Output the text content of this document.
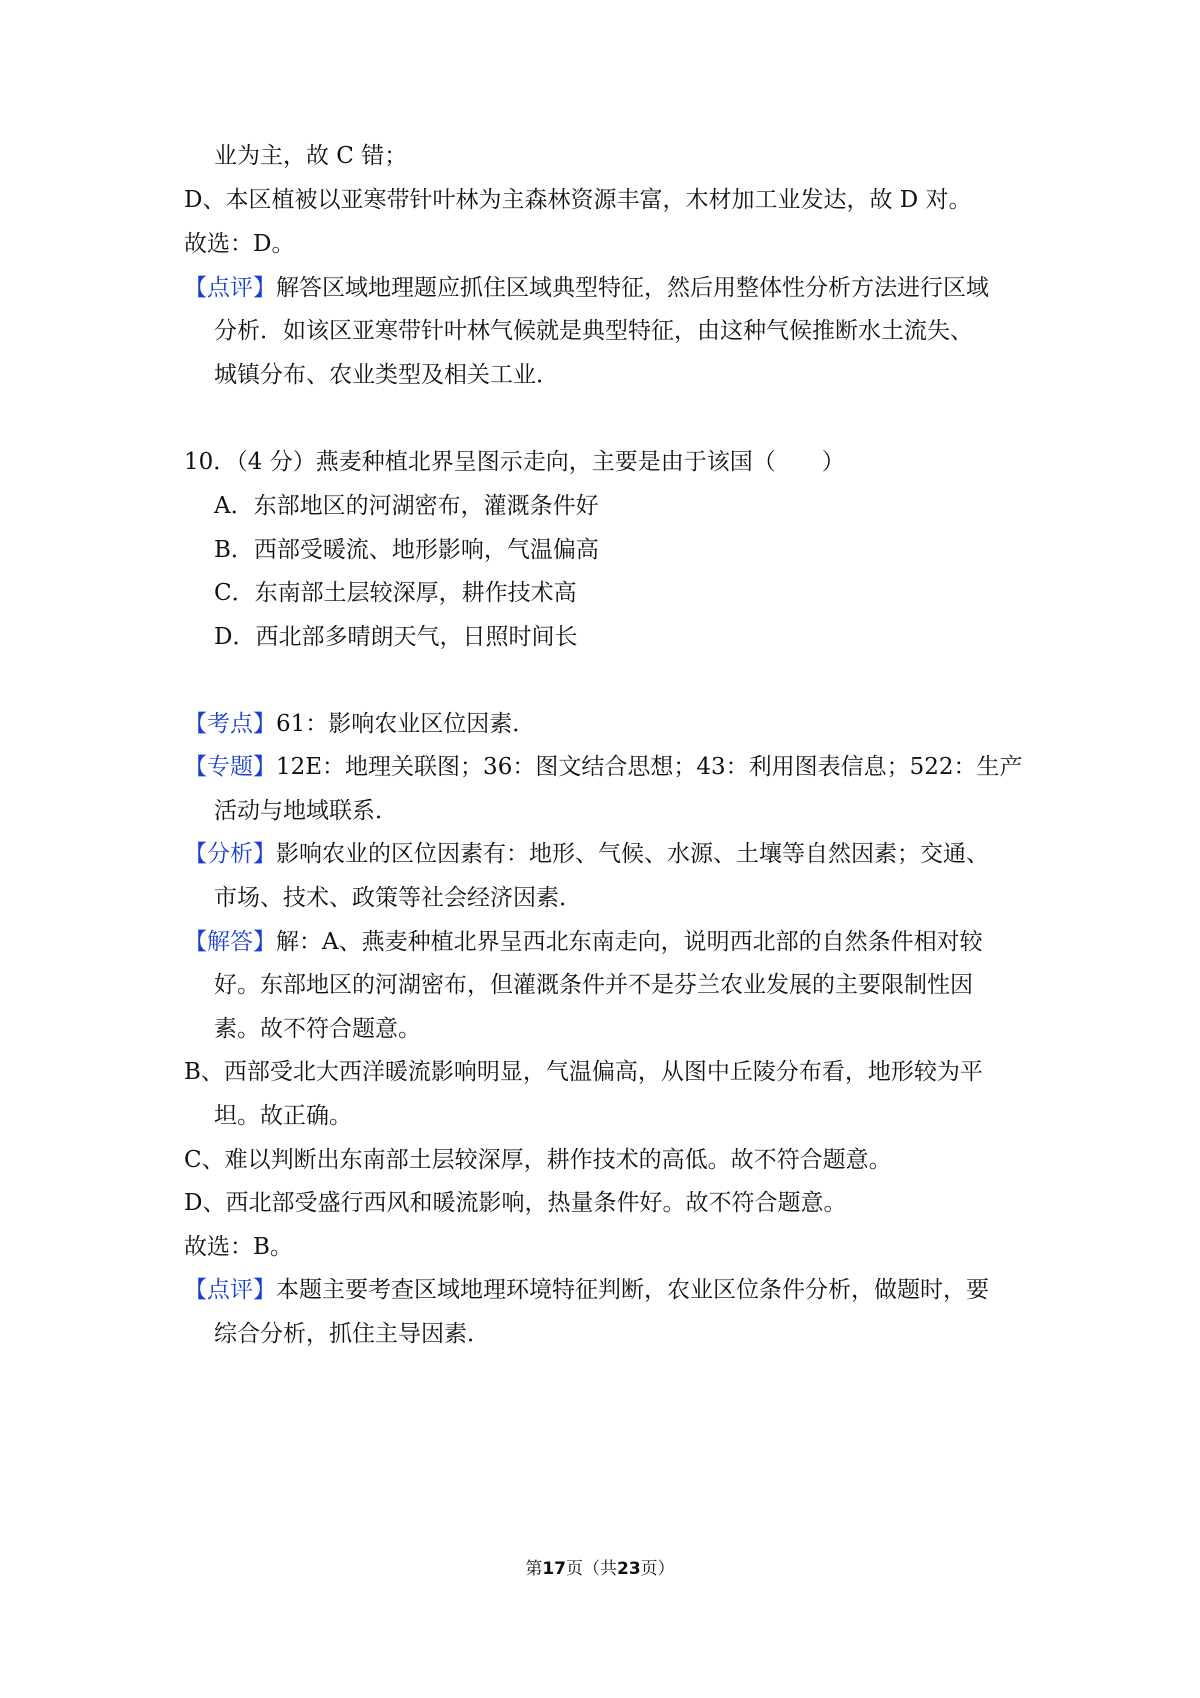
业为主，故 C 错；

D、本区植被以亚寒带针叶林为主森林资源丰富，木材加工业发达，故 D 对。

故选：D。

【点评】解答区域地理题应抓住区域典型特征，然后用整体性分析方法进行区域

分析．如该区亚寒带针叶林气候就是典型特征，由这种气候推断水土流失、

城镇分布、农业类型及相关工业．

10．（4 分）燕麦种植北界呈图示走向，主要是由于该国（　　）

A．东部地区的河湖密布，灌溉条件好

B．西部受暖流、地形影响，气温偏高

C．东南部土层较深厚，耕作技术高

D．西北部多晴朗天气，日照时间长

【考点】61：影响农业区位因素．

【专题】12E：地理关联图；36：图文结合思想；43：利用图表信息；522：生产

活动与地域联系．

【分析】影响农业的区位因素有：地形、气候、水源、土壤等自然因素；交通、

市场、技术、政策等社会经济因素．

【解答】解：A、燕麦种植北界呈西北东南走向，说明西北部的自然条件相对较

好。东部地区的河湖密布，但灌溉条件并不是芬兰农业发展的主要限制性因

素。故不符合题意。

B、西部受北大西洋暖流影响明显，气温偏高，从图中丘陵分布看，地形较为平

坦。故正确。

C、难以判断出东南部土层较深厚，耕作技术的高低。故不符合题意。

D、西北部受盛行西风和暖流影响，热量条件好。故不符合题意。

故选：B。

【点评】本题主要考查区域地理环境特征判断，农业区位条件分析，做题时，要

综合分析，抓住主导因素．

第17页（共23页）
